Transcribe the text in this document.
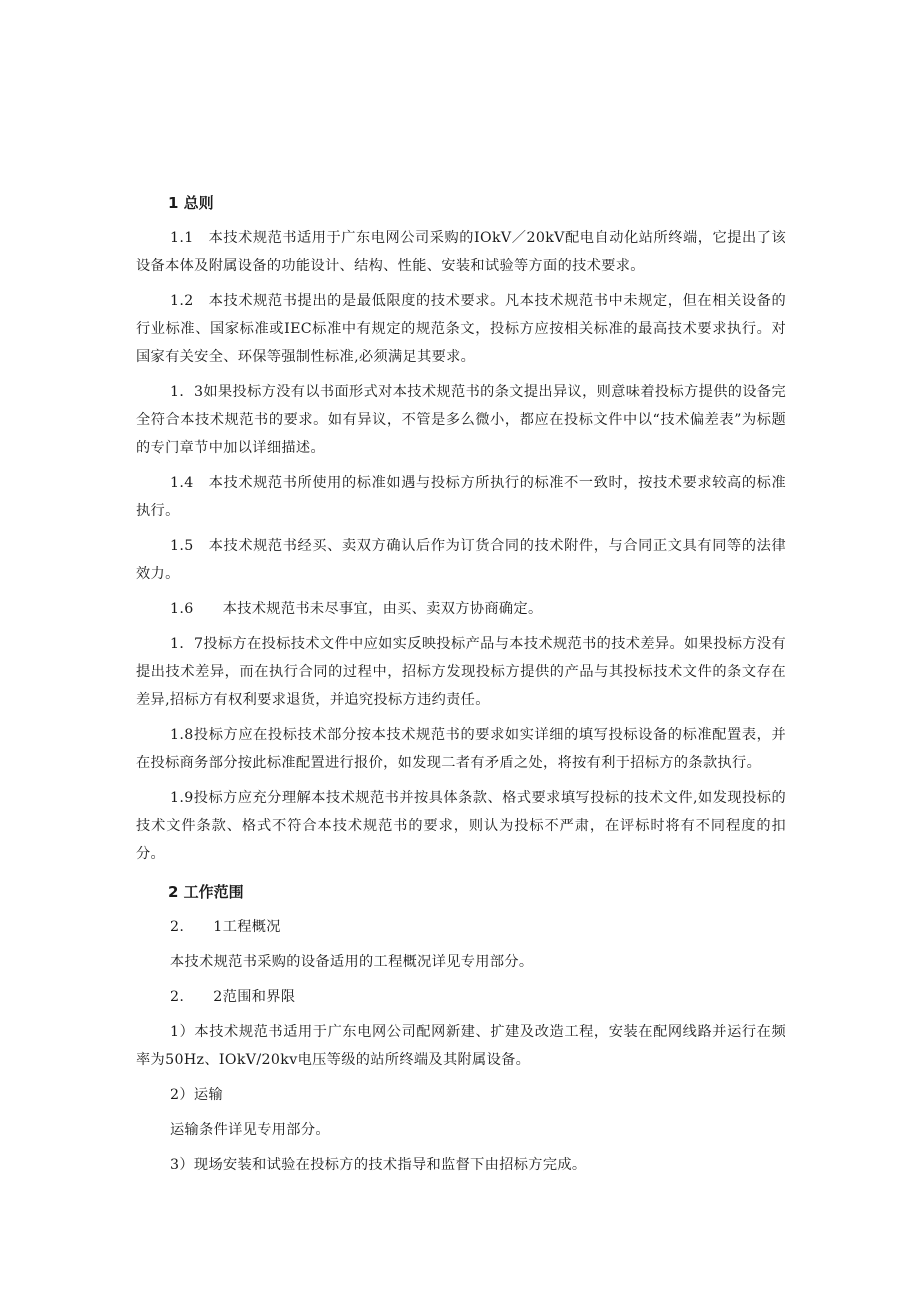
1 总则

1.1　本技术规范书适用于广东电网公司采购的IOkV／20kV配电自动化站所终端，它提出了该设备本体及附属设备的功能设计、结构、性能、安装和试验等方面的技术要求。

1.2　本技术规范书提出的是最低限度的技术要求。凡本技术规范书中未规定，但在相关设备的行业标准、国家标准或IEC标准中有规定的规范条文，投标方应按相关标准的最高技术要求执行。对国家有关安全、环保等强制性标准,必须满足其要求。

1．3如果投标方没有以书面形式对本技术规范书的条文提出异议，则意味着投标方提供的设备完全符合本技术规范书的要求。如有异议，不管是多么微小，都应在投标文件中以“技术偏差表”为标题的专门章节中加以详细描述。

1.4　本技术规范书所使用的标准如遇与投标方所执行的标准不一致时，按技术要求较高的标准执行。

1.5　本技术规范书经买、卖双方确认后作为订货合同的技术附件，与合同正文具有同等的法律效力。

1.6　　本技术规范书未尽事宜，由买、卖双方协商确定。

1．7投标方在投标技术文件中应如实反映投标产品与本技术规范书的技术差异。如果投标方没有提出技术差异，而在执行合同的过程中，招标方发现投标方提供的产品与其投标技术文件的条文存在差异,招标方有权利要求退货，并追究投标方违约责任。

1.8投标方应在投标技术部分按本技术规范书的要求如实详细的填写投标设备的标准配置表，并在投标商务部分按此标准配置进行报价，如发现二者有矛盾之处，将按有利于招标方的条款执行。

1.9投标方应充分理解本技术规范书并按具体条款、格式要求填写投标的技术文件,如发现投标的技术文件条款、格式不符合本技术规范书的要求，则认为投标不严肃，在评标时将有不同程度的扣分。

2 工作范围

2.　　1工程概况

本技术规范书采购的设备适用的工程概况详见专用部分。

2.　　2范围和界限

1）本技术规范书适用于广东电网公司配网新建、扩建及改造工程，安装在配网线路并运行在频率为50Hz、IOkV/20kv电压等级的站所终端及其附属设备。

2）运输

运输条件详见专用部分。

3）现场安装和试验在投标方的技术指导和监督下由招标方完成。
